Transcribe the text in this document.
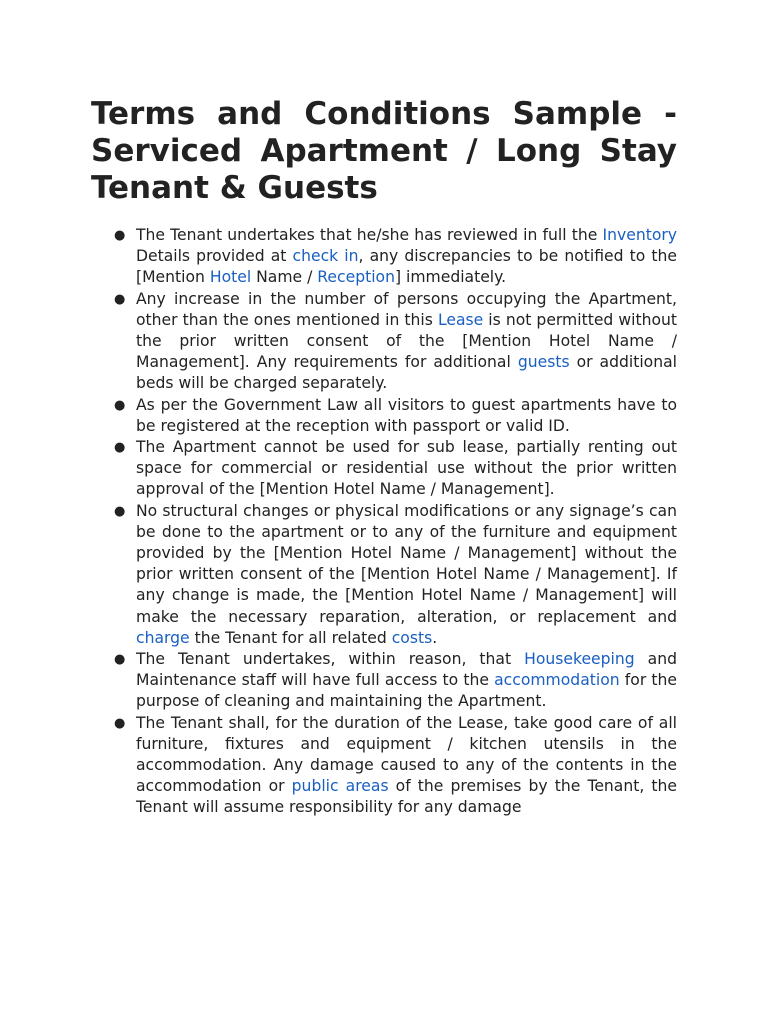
Terms and Conditions Sample - Serviced Apartment / Long Stay Tenant & Guests
● The Tenant undertakes that he/she has reviewed in full the Inventory Details provided at check in, any discrepancies to be notified to the [Mention Hotel Name / Reception] immediately.
● Any increase in the number of persons occupying the Apartment, other than the ones mentioned in this Lease is not permitted without the prior written consent of the [Mention Hotel Name / Management]. Any requirements for additional guests or additional beds will be charged separately.
● As per the Government Law all visitors to guest apartments have to be registered at the reception with passport or valid ID.
● The Apartment cannot be used for sub lease, partially renting out space for commercial or residential use without the prior written approval of the [Mention Hotel Name / Management].
● No structural changes or physical modifications or any signage’s can be done to the apartment or to any of the furniture and equipment provided by the [Mention Hotel Name / Management] without the prior written consent of the [Mention Hotel Name / Management]. If any change is made, the [Mention Hotel Name / Management] will make the necessary reparation, alteration, or replacement and charge the Tenant for all related costs.
● The Tenant undertakes, within reason, that Housekeeping and Maintenance staff will have full access to the accommodation for the purpose of cleaning and maintaining the Apartment.
● The Tenant shall, for the duration of the Lease, take good care of all furniture, fixtures and equipment / kitchen utensils in the accommodation. Any damage caused to any of the contents in the accommodation or public areas of the premises by the Tenant, the Tenant will assume responsibility for any damage
